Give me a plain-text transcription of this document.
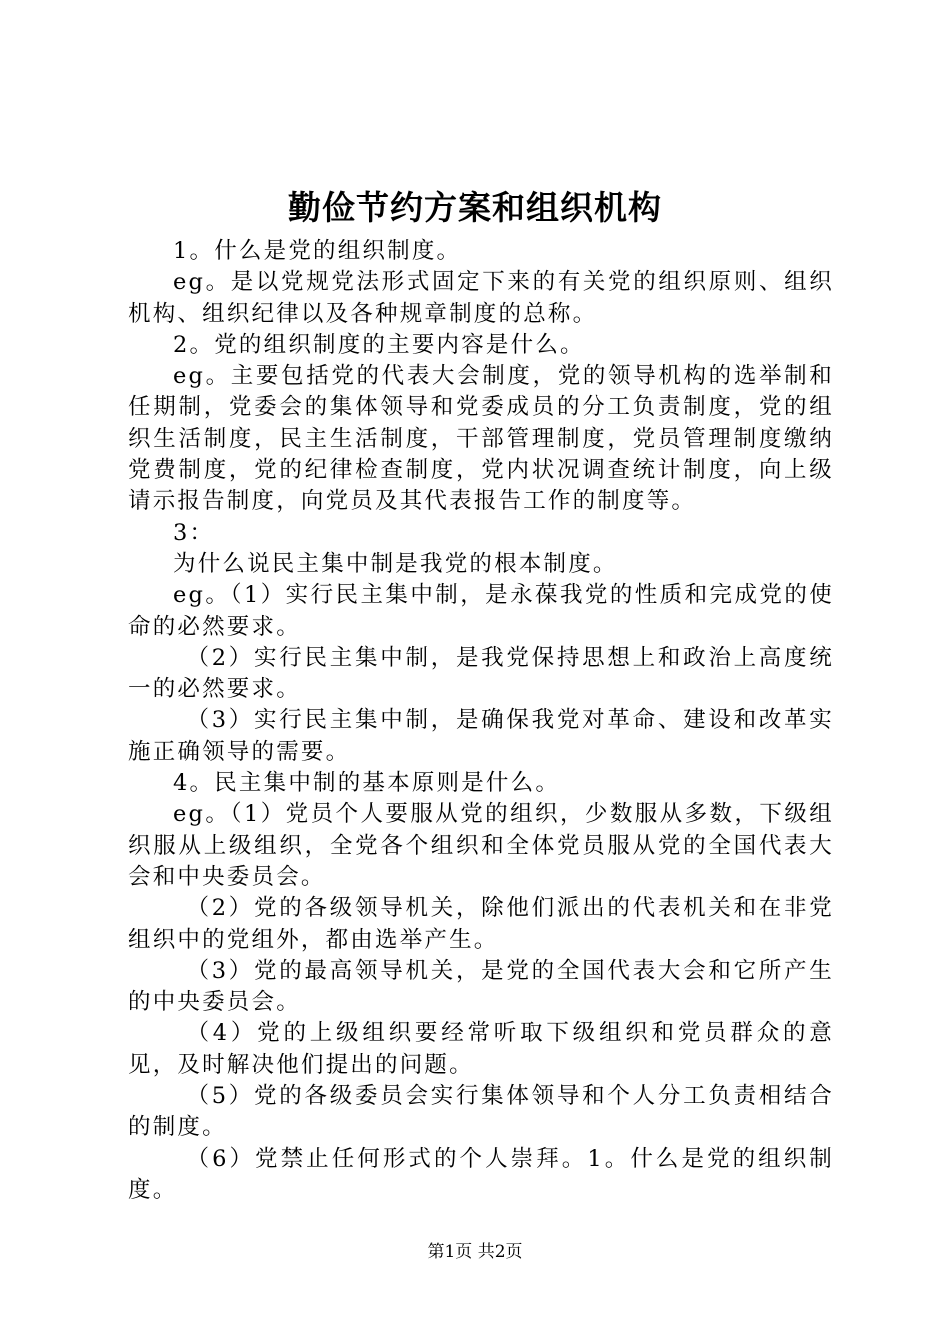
勤俭节约方案和组织机构

1。什么是党的组织制度。

eg。是以党规党法形式固定下来的有关党的组织原则、组织机构、组织纪律以及各种规章制度的总称。

2。党的组织制度的主要内容是什么。

eg。主要包括党的代表大会制度，党的领导机构的选举制和任期制，党委会的集体领导和党委成员的分工负责制度，党的组织生活制度，民主生活制度，干部管理制度，党员管理制度缴纳党费制度，党的纪律检查制度，党内状况调查统计制度，向上级请示报告制度，向党员及其代表报告工作的制度等。

3：

为什么说民主集中制是我党的根本制度。

eg。（1）实行民主集中制，是永葆我党的性质和完成党的使命的必然要求。

（2）实行民主集中制，是我党保持思想上和政治上高度统一的必然要求。

（3）实行民主集中制，是确保我党对革命、建设和改革实施正确领导的需要。

4。民主集中制的基本原则是什么。

eg。（1）党员个人要服从党的组织，少数服从多数，下级组织服从上级组织，全党各个组织和全体党员服从党的全国代表大会和中央委员会。

（2）党的各级领导机关，除他们派出的代表机关和在非党组织中的党组外，都由选举产生。

（3）党的最高领导机关，是党的全国代表大会和它所产生的中央委员会。

（4）党的上级组织要经常听取下级组织和党员群众的意见，及时解决他们提出的问题。

（5）党的各级委员会实行集体领导和个人分工负责相结合的制度。

（6）党禁止任何形式的个人崇拜。1。什么是党的组织制度。

第1页 共2页
